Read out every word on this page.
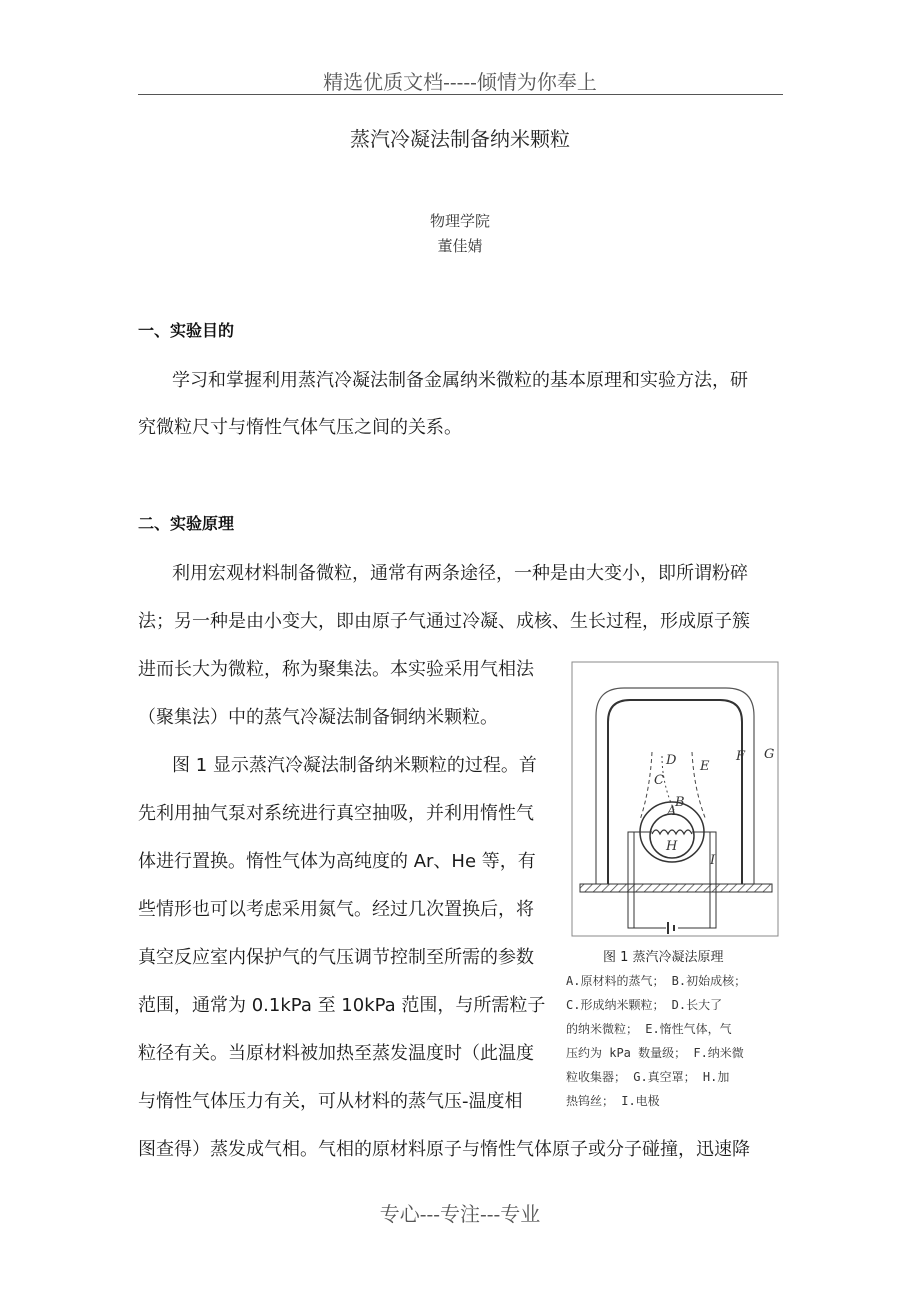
精选优质文档-----倾情为你奉上
蒸汽冷凝法制备纳米颗粒
物理学院
董佳婧
一、实验目的
学习和掌握利用蒸汽冷凝法制备金属纳米微粒的基本原理和实验方法，研
究微粒尺寸与惰性气体气压之间的关系。
二、实验原理
利用宏观材料制备微粒，通常有两条途径，一种是由大变小，即所谓粉碎
法；另一种是由小变大，即由原子气通过冷凝、成核、生长过程，形成原子簇
进而长大为微粒，称为聚集法。本实验采用气相法
（聚集法）中的蒸气冷凝法制备铜纳米颗粒。
图 1 显示蒸汽冷凝法制备纳米颗粒的过程。首
先利用抽气泵对系统进行真空抽吸，并利用惰性气
体进行置换。惰性气体为高纯度的 Ar、He 等，有
些情形也可以考虑采用氮气。经过几次置换后，将
真空反应室内保护气的气压调节控制至所需的参数
范围，通常为 0.1kPa 至 10kPa 范围，与所需粒子
粒径有关。当原材料被加热至蒸发温度时（此温度
与惰性气体压力有关，可从材料的蒸气压-温度相
图查得）蒸发成气相。气相的原材料原子与惰性气体原子或分子碰撞，迅速降
A
B
C
D E
F G
H
I
图 1 蒸汽冷凝法原理
A.原材料的蒸气； B.初始成核；
C.形成纳米颗粒； D.长大了
的纳米微粒； E.惰性气体，气
压约为 kPa 数量级； F.纳米微
粒收集器； G.真空罩； H.加
热钨丝； I.电极
专心---专注---专业
